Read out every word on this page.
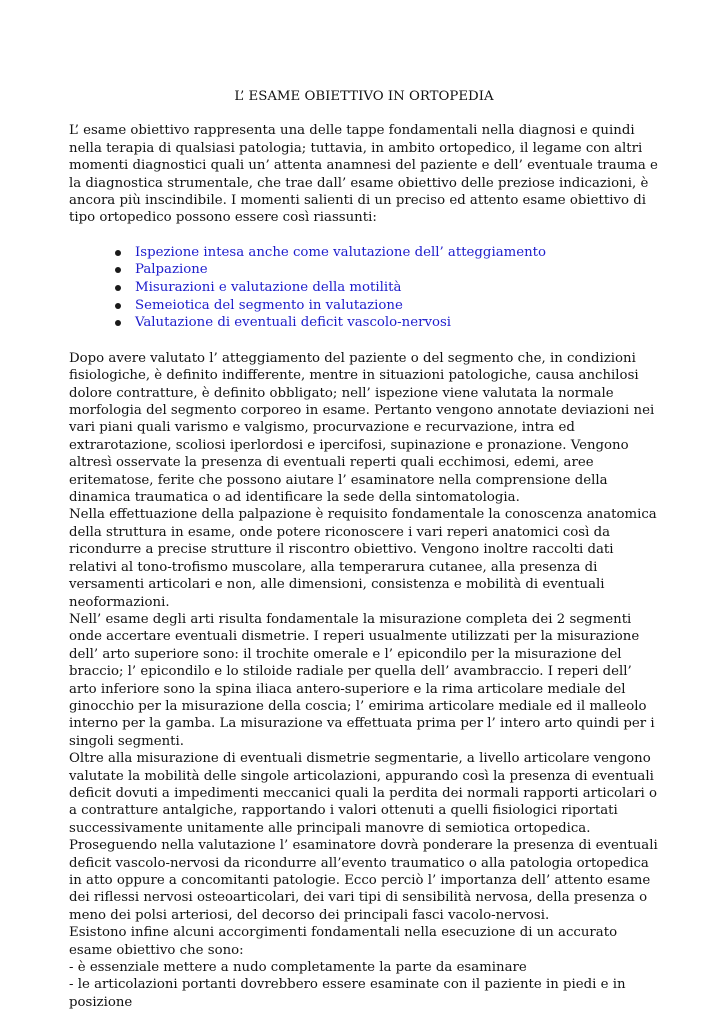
L’ ESAME OBIETTIVO IN ORTOPEDIA

L’ esame obiettivo rappresenta una delle tappe fondamentali nella diagnosi e quindi nella terapia di qualsiasi patologia; tuttavia, in ambito ortopedico, il legame con altri momenti diagnostici quali un’ attenta anamnesi del paziente e dell’ eventuale trauma e la diagnostica strumentale, che trae dall’ esame obiettivo delle preziose indicazioni, è ancora più inscindibile. I momenti salienti di un preciso ed attento esame obiettivo di tipo ortopedico possono essere così riassunti:

Ispezione intesa anche come valutazione dell’ atteggiamento
Palpazione
Misurazioni e valutazione della motilità
Semeiotica del segmento in valutazione
Valutazione di eventuali deficit vascolo-nervosi

Dopo avere valutato l’ atteggiamento del paziente o del segmento che, in condizioni fisiologiche, è definito indifferente, mentre in situazioni patologiche, causa anchilosi dolore contratture, è definito obbligato; nell’ ispezione viene valutata la normale morfologia del segmento corporeo in esame. Pertanto vengono annotate deviazioni nei vari piani quali varismo e valgismo, procurvazione e recurvazione, intra ed extrarotazione, scoliosi iperlordosi e ipercifosi, supinazione e pronazione. Vengono altresì osservate la presenza di eventuali reperti quali ecchimosi, edemi, aree eritematose, ferite che possono aiutare l’ esaminatore nella comprensione della dinamica traumatica o ad identificare la sede della sintomatologia.

Nella effettuazione della palpazione è requisito fondamentale la conoscenza anatomica della struttura in esame, onde potere riconoscere i vari reperi anatomici così da ricondurre a precise strutture il riscontro obiettivo. Vengono inoltre raccolti dati relativi al tono-trofismo muscolare, alla temperarura cutanee, alla presenza di versamenti articolari e non, alle dimensioni, consistenza e mobilità di eventuali neoformazioni.

Nell’ esame degli arti risulta fondamentale la misurazione completa dei 2 segmenti onde accertare eventuali dismetrie. I reperi usualmente utilizzati per la misurazione dell’ arto superiore sono: il trochite omerale e l’ epicondilo per la misurazione del braccio; l’ epicondilo e lo stiloide radiale per quella dell’ avambraccio. I reperi dell’ arto inferiore sono la spina iliaca antero-superiore e la rima articolare mediale del ginocchio per la misurazione della coscia; l’ emirima articolare mediale ed il malleolo interno per la gamba. La misurazione va effettuata prima per l’ intero arto quindi per i singoli segmenti.

Oltre alla misurazione di eventuali dismetrie segmentarie, a livello articolare vengono valutate la mobilità delle singole articolazioni, appurando così la presenza di eventuali deficit dovuti a impedimenti meccanici quali la perdita dei normali rapporti articolari o a contratture antalgiche, rapportando i valori ottenuti a quelli fisiologici riportati successivamente unitamente alle principali manovre di semiotica ortopedica.

Proseguendo nella valutazione l’ esaminatore dovrà ponderare la presenza di eventuali deficit vascolo-nervosi da ricondurre all’evento traumatico o alla patologia ortopedica in atto oppure a concomitanti patologie. Ecco perciò l’ importanza dell’ attento esame dei riflessi nervosi osteoarticolari, dei vari tipi di sensibilità nervosa, della presenza o meno dei polsi arteriosi, del decorso dei principali fasci vacolo-nervosi.

Esistono infine alcuni accorgimenti fondamentali nella esecuzione di un accurato esame obiettivo che sono:

- è essenziale mettere a nudo completamente la parte da esaminare

- le articolazioni portanti dovrebbero essere esaminate con il paziente in piedi e in posizione
